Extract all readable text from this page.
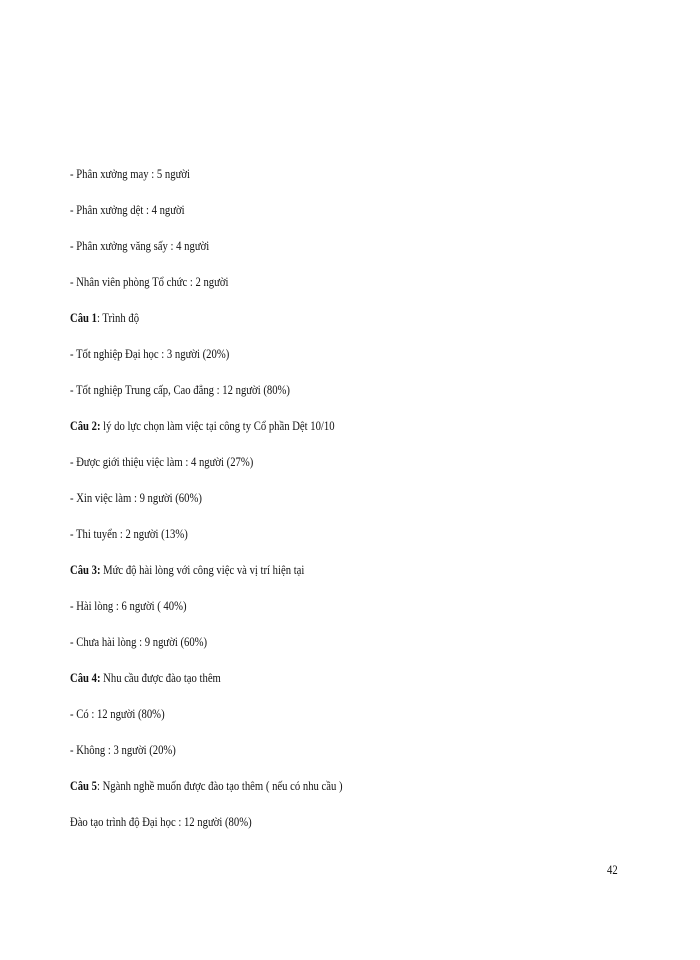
- Phân xưởng may : 5 người
- Phân xưởng dệt : 4 người
- Phân xưởng văng sấy : 4 người
- Nhân viên phòng Tổ chức : 2 người
Câu 1: Trình độ
- Tốt nghiệp Đại học : 3 người (20%)
- Tốt nghiệp Trung cấp, Cao đẳng : 12 người (80%)
Câu 2: lý do lực chọn làm việc tại công ty Cổ phần Dệt 10/10
- Được giới thiệu việc làm : 4 người (27%)
- Xin việc làm : 9 người (60%)
- Thi tuyển : 2 người (13%)
Câu 3: Mức độ hài lòng với công việc và vị trí hiện tại
- Hài lòng : 6 người ( 40%)
- Chưa hài lòng : 9 người (60%)
Câu 4: Nhu cầu được đào tạo thêm
- Có : 12 người (80%)
- Không : 3 người (20%)
Câu 5: Ngành nghề muốn được đào tạo thêm ( nếu có nhu cầu )
Đào tạo trình độ Đại học : 12 người (80%)
42
